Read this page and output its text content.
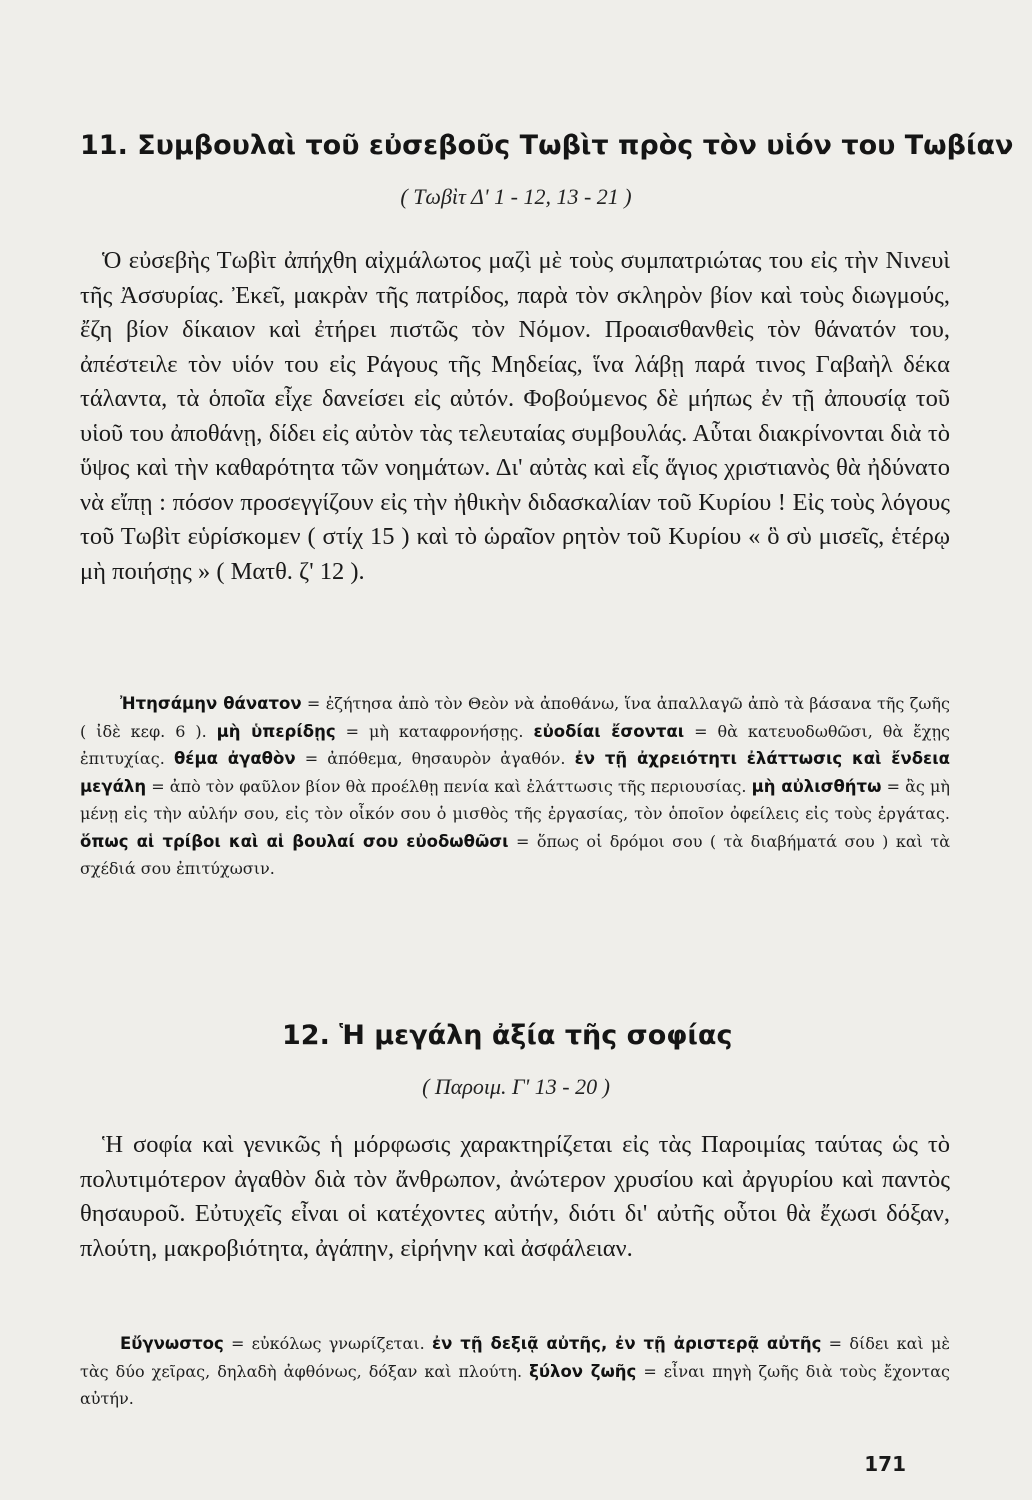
11. Συμβουλαὶ τοῦ εὐσεβοῦς Τωβὶτ πρὸς τὸν υἱόν του Τωβίαν
( Τωβὶτ Δ' 1 - 12, 13 - 21 )
Ὁ εὐσεβὴς Τωβὶτ ἀπήχθη αἰχμάλωτος μαζὶ μὲ τοὺς συμπατριώτας του εἰς τὴν Νινευὶ τῆς Ἀσσυρίας. Ἐκεῖ, μακρὰν τῆς πατρίδος, παρὰ τὸν σκληρὸν βίον καὶ τοὺς διωγμούς, ἔζη βίον δίκαιον καὶ ἐτήρει πιστῶς τὸν Νόμον. Προαισθανθεὶς τὸν θάνατόν του, ἀπέστειλε τὸν υἱόν του εἰς Ράγους τῆς Μηδείας, ἵνα λάβῃ παρά τινος Γαβαὴλ δέκα τάλαντα, τὰ ὁποῖα εἶχε δανείσει εἰς αὐτόν. Φοβούμενος δὲ μήπως ἐν τῇ ἀπουσίᾳ τοῦ υἱοῦ του ἀποθάνῃ, δίδει εἰς αὐτὸν τὰς τελευταίας συμβουλάς. Αὗται διακρίνονται διὰ τὸ ὕψος καὶ τὴν καθαρότητα τῶν νοημάτων. Δι' αὐτὰς καὶ εἷς ἅγιος χριστιανὸς θὰ ἠδύνατο νὰ εἴπῃ : πόσον προσεγγίζουν εἰς τὴν ἠθικὴν διδασκαλίαν τοῦ Κυρίου ! Εἰς τοὺς λόγους τοῦ Τωβὶτ εὑρίσκομεν ( στίχ 15 ) καὶ τὸ ὡραῖον ρητὸν τοῦ Κυρίου « ὃ σὺ μισεῖς, ἑτέρῳ μὴ ποιήσῃς » ( Ματθ. ζ' 12 ).
Ἠτησάμην θάνατον = ἐζήτησα ἀπὸ τὸν Θεὸν νὰ ἀποθάνω, ἵνα ἀπαλλαγῶ ἀπὸ τὰ βάσανα τῆς ζωῆς ( ἰδὲ κεφ. 6 ). μὴ ὑπερίδῃς = μὴ καταφρονήσῃς. εὐοδίαι ἔσονται = θὰ κατευοδωθῶσι, θὰ ἔχῃς ἐπιτυχίας. θέμα ἀγαθὸν = ἀπόθεμα, θησαυρὸν ἀγαθόν. ἐν τῇ ἀχρειότητι ἐλάττωσις καὶ ἔνδεια μεγάλη = ἀπὸ τὸν φαῦλον βίον θὰ προέλθῃ πενία καὶ ἐλάττωσις τῆς περιουσίας. μὴ αὐλισθήτω = ἂς μὴ μένῃ εἰς τὴν αὐλήν σου, εἰς τὸν οἶκόν σου ὁ μισθὸς τῆς ἐργασίας, τὸν ὁποῖον ὀφείλεις εἰς τοὺς ἐργάτας. ὅπως αἱ τρίβοι καὶ αἱ βουλαί σου εὐοδωθῶσι = ὅπως οἱ δρόμοι σου ( τὰ διαβήματά σου ) καὶ τὰ σχέδιά σου ἐπιτύχωσιν.
12. Ἡ μεγάλη ἀξία τῆς σοφίας
( Παροιμ. Γ' 13 - 20 )
Ἡ σοφία καὶ γενικῶς ἡ μόρφωσις χαρακτηρίζεται εἰς τὰς Παροιμίας ταύτας ὡς τὸ πολυτιμότερον ἀγαθὸν διὰ τὸν ἄνθρωπον, ἀνώτερον χρυσίου καὶ ἀργυρίου καὶ παντὸς θησαυροῦ. Εὐτυχεῖς εἶναι οἱ κατέχοντες αὐτήν, διότι δι' αὐτῆς οὗτοι θὰ ἔχωσι δόξαν, πλούτη, μακροβιότητα, ἀγάπην, εἰρήνην καὶ ἀσφάλειαν.
Εὔγνωστος = εὐκόλως γνωρίζεται. ἐν τῇ δεξιᾷ αὐτῆς, ἐν τῇ ἀριστερᾷ αὐτῆς = δίδει καὶ μὲ τὰς δύο χεῖρας, δηλαδὴ ἀφθόνως, δόξαν καὶ πλούτη. ξύλον ζωῆς = εἶναι πηγὴ ζωῆς διὰ τοὺς ἔχοντας αὐτήν.
171
